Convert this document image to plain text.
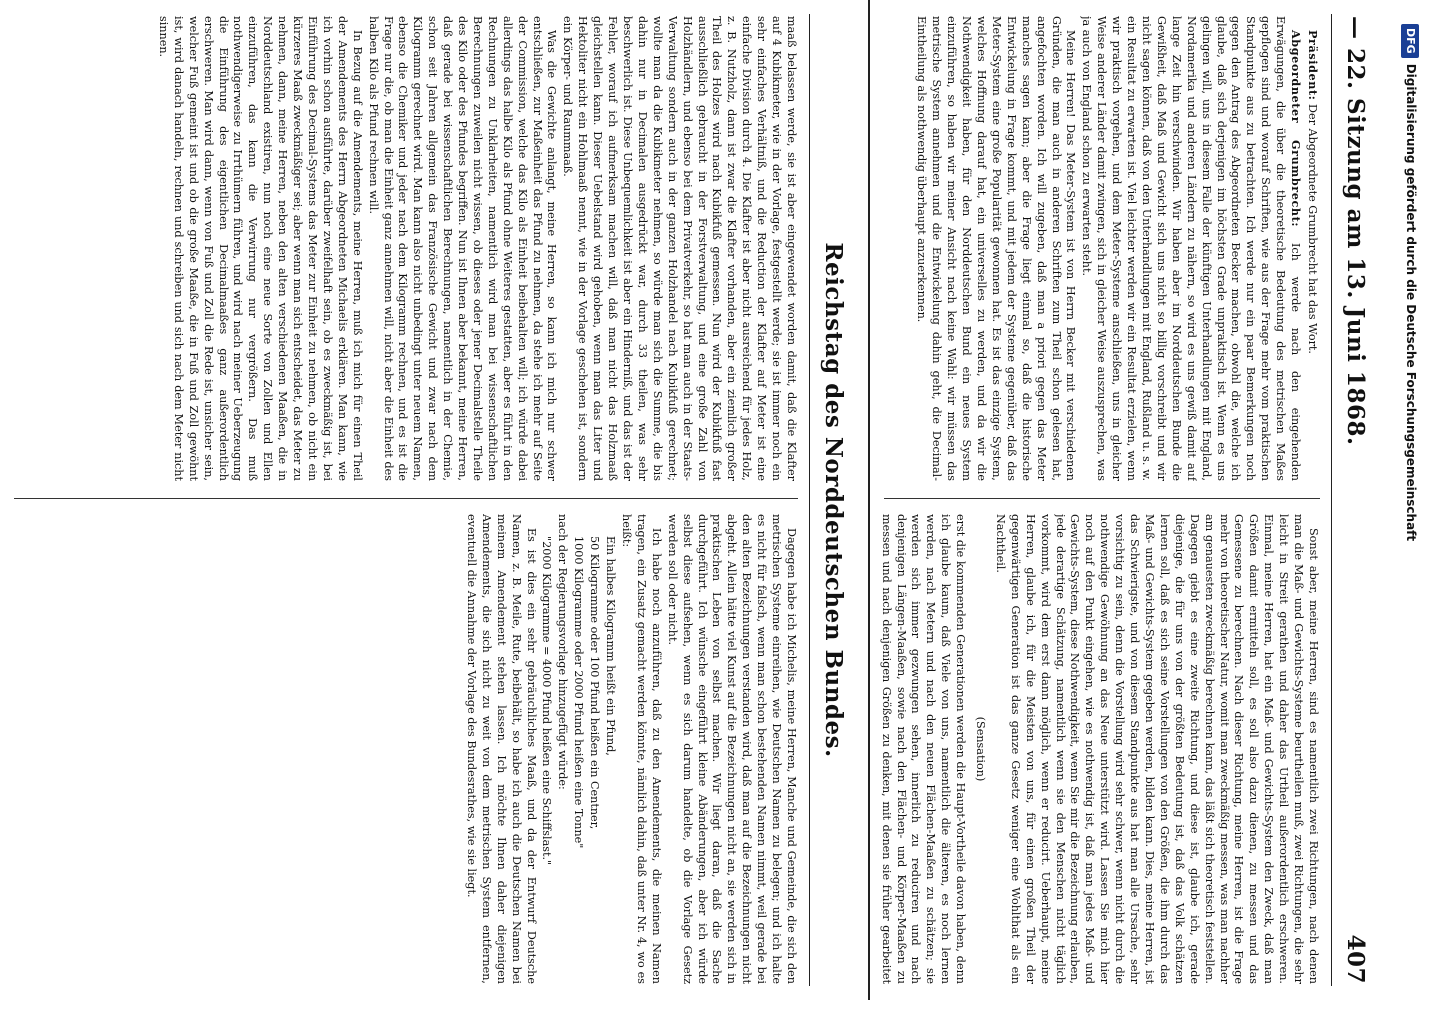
— 22. Sitzung am 13. Juni 1868.
407

Präsident: Der Abgeordnete Grumbrecht hat das Wort.

Abgeordneter Grumbrecht: Ich werde nach den eingehenden Erwägungen, die über die theoretische Bedeutung des metrischen Maßes gepflogen sind und worauf Schriften, wie aus der Frage mehr vom praktischen Standpunkte aus zu betrachten. Ich werde nur ein paar Bemerkungen noch gegen den Antrag des Abgeordneten Becker machen, obwohl die, welche ich glaube, daß sich derjenigen im höchsten Grade unpraktisch ist. Wenn es uns gelingen will, uns in diesem Falle der künftigen Unterhandlungen mit England, Nordamerika und anderen Ländern zu nähern, so wird es uns gewiß damit auf lange Zeit hin verschwinden. Wir haben aber im Norddeutschen Bunde die Gewißheit, daß Maß und Gewicht sich uns nicht so billig vorschreibt und wir nicht sagen können, daß von den Unterhandlungen mit England, Rußland u. s. w. ein Resultat zu erwarten ist. Viel leichter werden wir ein Resultat erzielen, wenn wir praktisch vorgehen, und dem Meter-Systeme anschließen, uns in gleicher Weise anderer Länder damit zwingen, sich in gleicher Weise auszusprechen, was ja auch von England schon zu erwarten steht.

Meine Herren! Das Meter-System ist von Herrn Becker mit verschiedenen Gründen, die man auch in anderen Schriften zum Theil schon gelesen hat, angefochten worden. Ich will zugeben, daß man a priori gegen das Meter manches sagen kann; aber die Frage liegt einmal so, daß die historische Entwickelung in Frage kommt, und mit jedem der Systeme gegenüber, daß das Meter-System eine große Popularität gewonnen hat. Es ist das einzige System, welches Hoffnung darauf hat, ein universelles zu werden, und da wir die Nothwendigkeit haben, für den Norddeutschen Bund ein neues System einzuführen, so haben wir meiner Ansicht nach keine Wahl: wir müssen das metrische System annehmen und die Entwickelung dahin geht, die Decimal-Eintheilung als nothwendig überhaupt anzuerkennen.

Sonst aber, meine Herren, sind es namentlich zwei Richtungen, nach denen man die Maß- und Gewichts-Systeme beurtheilen muß, zwei Richtungen, die sehr leicht in Streit gerathen und daher das Urtheil außerordentlich erschweren. Einmal, meine Herren, hat ein Maß- und Gewichts-System den Zweck, daß man Größen damit ermitteln soll, es soll also dazu dienen, zu messen und das Gemessene zu berechnen. Nach dieser Richtung, meine Herren, ist die Frage mehr von theoretischer Natur, womit man zweckmäßig messen, was man nachher am genauesten zweckmäßig berechnen kann, das läßt sich theoretisch feststellen. Dagegen giebt es eine zweite Richtung, und diese ist, glaube ich, gerade diejenige, die für uns von der größten Bedeutung ist, daß das Volk schätzen lernen soll, daß es sich seine Vorstellungen von den Größen, die ihm durch das Maß- und Gewichts-System gegeben werden, bilden kann. Dies, meine Herren, ist das Schwierigste, und von diesem Standpunkte aus hat man alle Ursache, sehr vorsichtig zu sein, denn die Vorstellung wird sehr schwer, wenn nicht durch die nothwendige Gewöhnung an das Neue unterstützt wird. Lassen Sie mich hier noch auf den Punkt eingehen, wie es nothwendig ist, daß man jedes Maß- und Gewichts-System, diese Nothwendigkeit, wenn Sie mir die Bezeichnung erlauben, jede derartige Schätzung, namentlich wenn sie den Menschen nicht täglich vorkommt, wird dem erst dann möglich, wenn er reducirt. Ueberhaupt, meine Herren, glaube ich, für die Meisten von uns, für einen großen Theil der gegenwärtigen Generation ist das ganze Gesetz weniger eine Wohlthat als ein Nachtheil.

(Sensation)

erst die kommenden Generationen werden die Haupt-Vortheile davon haben, denn ich glaube kaum, daß Viele von uns, namentlich die älteren, es noch lernen werden, nach Metern und nach den neuen Flächen-Maaßen zu schätzen; sie werden sich immer gezwungen sehen, innerlich zu reduciren und nach denjenigen Längen-Maaßen, sowie nach den Flächen- und Körper-Maaßen zu messen und nach denjenigen Größen zu denken, mit denen sie früher gearbeitet

Reichstag des Norddeutschen Bundes.

maaß belassen werde, sie ist aber eingewendet worden damit, daß die Klafter auf 4 Kubikmeter, wie in der Vorlage, festgestellt werde; sie ist immer noch ein sehr einfaches Verhältniß, und die Reduction der Klafter auf Meter ist eine einfache Division durch 4. Die Klafter ist aber nicht ausreichend für jedes Holz, z. B. Nutzholz, dann ist zwar die Klafter vorhanden, aber ein ziemlich großer Theil des Holzes wird nach Kubikfuß gemessen. Nun wird der Kubikfuß fast ausschließlich gebraucht in der Forstverwaltung, und eine große Zahl von Holzhändlern, und ebenso bei dem Privatverkehr, so hat man auch in der Staats-Verwaltung sondern auch in der ganzen Holzhandel nach Kubikfuß gerechnet; wollte man da die Kubikmeter nehmen, so würde man sich die Summe, die bis dahin nur in Decimalen ausgedrückt war, durch 33 theilen, was sehr beschwerlich ist. Diese Unbequemlichkeit ist aber ein Hinderniß, und das ist der Fehler, worauf ich aufmerksam machen will, daß man nicht das Holzmaaß gleichstellen kann. Dieser Uebelstand wird gehoben, wenn man das Liter und Hektoliter nicht ein Hohlmaaß nennt, wie in der Vorlage geschehen ist, sondern ein Körper- und Raummaaß.

Was die Gewichte anlangt, meine Herren, so kann ich mich nur schwer entschließen, zur Maßeinheit das Pfund zu nehmen, da stehe ich mehr auf Seite der Commission, welche das Kilo als Einheit beibehalten will; ich würde dabei allerdings das halbe Kilo als Pfund ohne Weiteres gestatten, aber es führt in den Rechnungen zu Unklarheiten, namentlich wird man bei wissenschaftlichen Berechnungen zuweilen nicht wissen, ob dieses oder jener Decimalstelle Theile des Kilo oder des Pfundes begriffen. Nun ist Ihnen aber bekannt, meine Herren, daß gerade bei wissenschaftlichen Berechnungen, namentlich in der Chemie, schon seit Jahren allgemein das Französische Gewicht und zwar nach dem Kilogramm gerechnet wird. Man kann also nicht unbedingt unter neuem Namen, ebenso die Chemiker und jeder nach dem Kilogramm rechnen, und es ist die Frage nur die, ob man die Einheit ganz annehmen will, nicht aber die Einheit des halben Kilo als Pfund rechnen will.

In Bezug auf die Amendements, meine Herren, muß ich mich für einen Theil der Amendements des Herrn Abgeordneten Michaelis erklären. Man kann, wie ich vorhin schon ausführte, darüber zweifelhaft sein, ob es zweckmäßig ist, bei Einführung des Decimal-Systems das Meter zur Einheit zu nehmen, ob nicht ein kürzeres Maaß zweckmäßiger sei; aber wenn man sich entscheidet, das Meter zu nehmen, dann, meine Herren, neben den alten verschiedenen Maaßen, die in Norddeutschland existiren, nun noch eine neue Sorte von Zollen und Ellen einzuführen, das kann die Verwirrung nur vergrößern. Das muß nothwendigerweise zu Irrthümern führen, und wird nach meiner Ueberzeugung die Einführung des eigentlichen Decimalmaaßes ganz außerordentlich erschweren. Man wird dann, wenn von Fuß und Zoll die Rede ist, unsicher sein, welcher Fuß gemeint ist und ob die große Maaße, die in Fuß und Zoll gewöhnt ist, wird danach handeln, rechnen und schreiben und sich nach dem Meter nicht sinnen.

Dagegen habe ich Michelis, meine Herren, Manche und Gemeinde, die sich den metrischen Systeme einreihen, wie Deutschen Namen zu belegen; und ich halte es nicht für falsch, wenn man schon bestehenden Namen nimmt, weil gerade bei den alten Bezeichnungen verstanden wird, daß man auf die Bezeichnungen nicht abgeht. Allein hätte viel Kunst auf die Bezeichnungen nicht an, sie werden sich in praktischen Leben von selbst machen. Wir liegt daran, daß die Sache durchgeführt. Ich wünsche eingeführt kleine Abänderungen, aber ich würde selbst diese aufsehen, wenn es sich darum handelte, ob die Vorlage Gesetz werden soll oder nicht.

Ich habe noch anzuführen, daß zu den Amendements, die meinen Namen tragen, ein Zusatz gemacht werden könnte, nämlich dahin, daß unter Nr. 4, wo es heißt:

Ein halbes Kilogramm heißt ein Pfund,

50 Kilogramme oder 100 Pfund heißen ein Centner,

1000 Kilogramme oder 2000 Pfund heißen eine Tonne"

nach der Regierungsvorlage hinzugefügt würde:

"2000 Kilogramme = 4000 Pfund heißen eine Schiffslast."

Es ist dies ein sehr gebräuchliches Maaß, und da der Entwurf Deutsche Namen, z. B. Meile, Rute, beibehält, so habe ich auch die Deutschen Namen bei meinem Amendement stehen lassen. Ich möchte Ihnen daher diejenigen Amendements, die sich nicht zu weit von dem metrischen System entfernen, eventuell die Annahme der Vorlage des Bundesrathes, wie sie liegt.

DFGDigitalisierung gefördert durch die Deutsche Forschungsgemeinschaft
